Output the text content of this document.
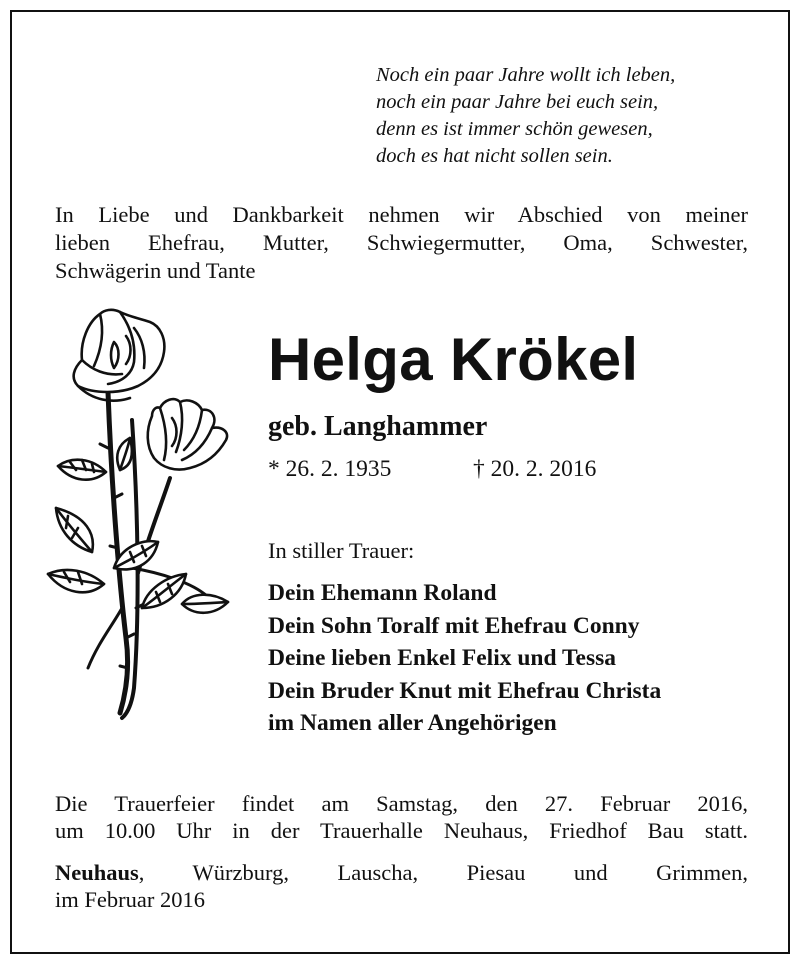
Noch ein paar Jahre wollt ich leben,
noch ein paar Jahre bei euch sein,
denn es ist immer schön gewesen,
doch es hat nicht sollen sein.
In Liebe und Dankbarkeit nehmen wir Abschied von meiner
lieben Ehefrau, Mutter, Schwiegermutter, Oma, Schwester,
Schwägerin und Tante
Helga Krökel
geb. Langhammer
* 26. 2. 1935	† 20. 2. 2016
In stiller Trauer:
Dein Ehemann Roland
Dein Sohn Toralf mit Ehefrau Conny
Deine lieben Enkel Felix und Tessa
Dein Bruder Knut mit Ehefrau Christa
im Namen aller Angehörigen
Die Trauerfeier findet am Samstag, den 27. Februar 2016,
um 10.00 Uhr in der Trauerhalle Neuhaus, Friedhof Bau statt.
Neuhaus, Würzburg, Lauscha, Piesau und Grimmen,
im Februar 2016
